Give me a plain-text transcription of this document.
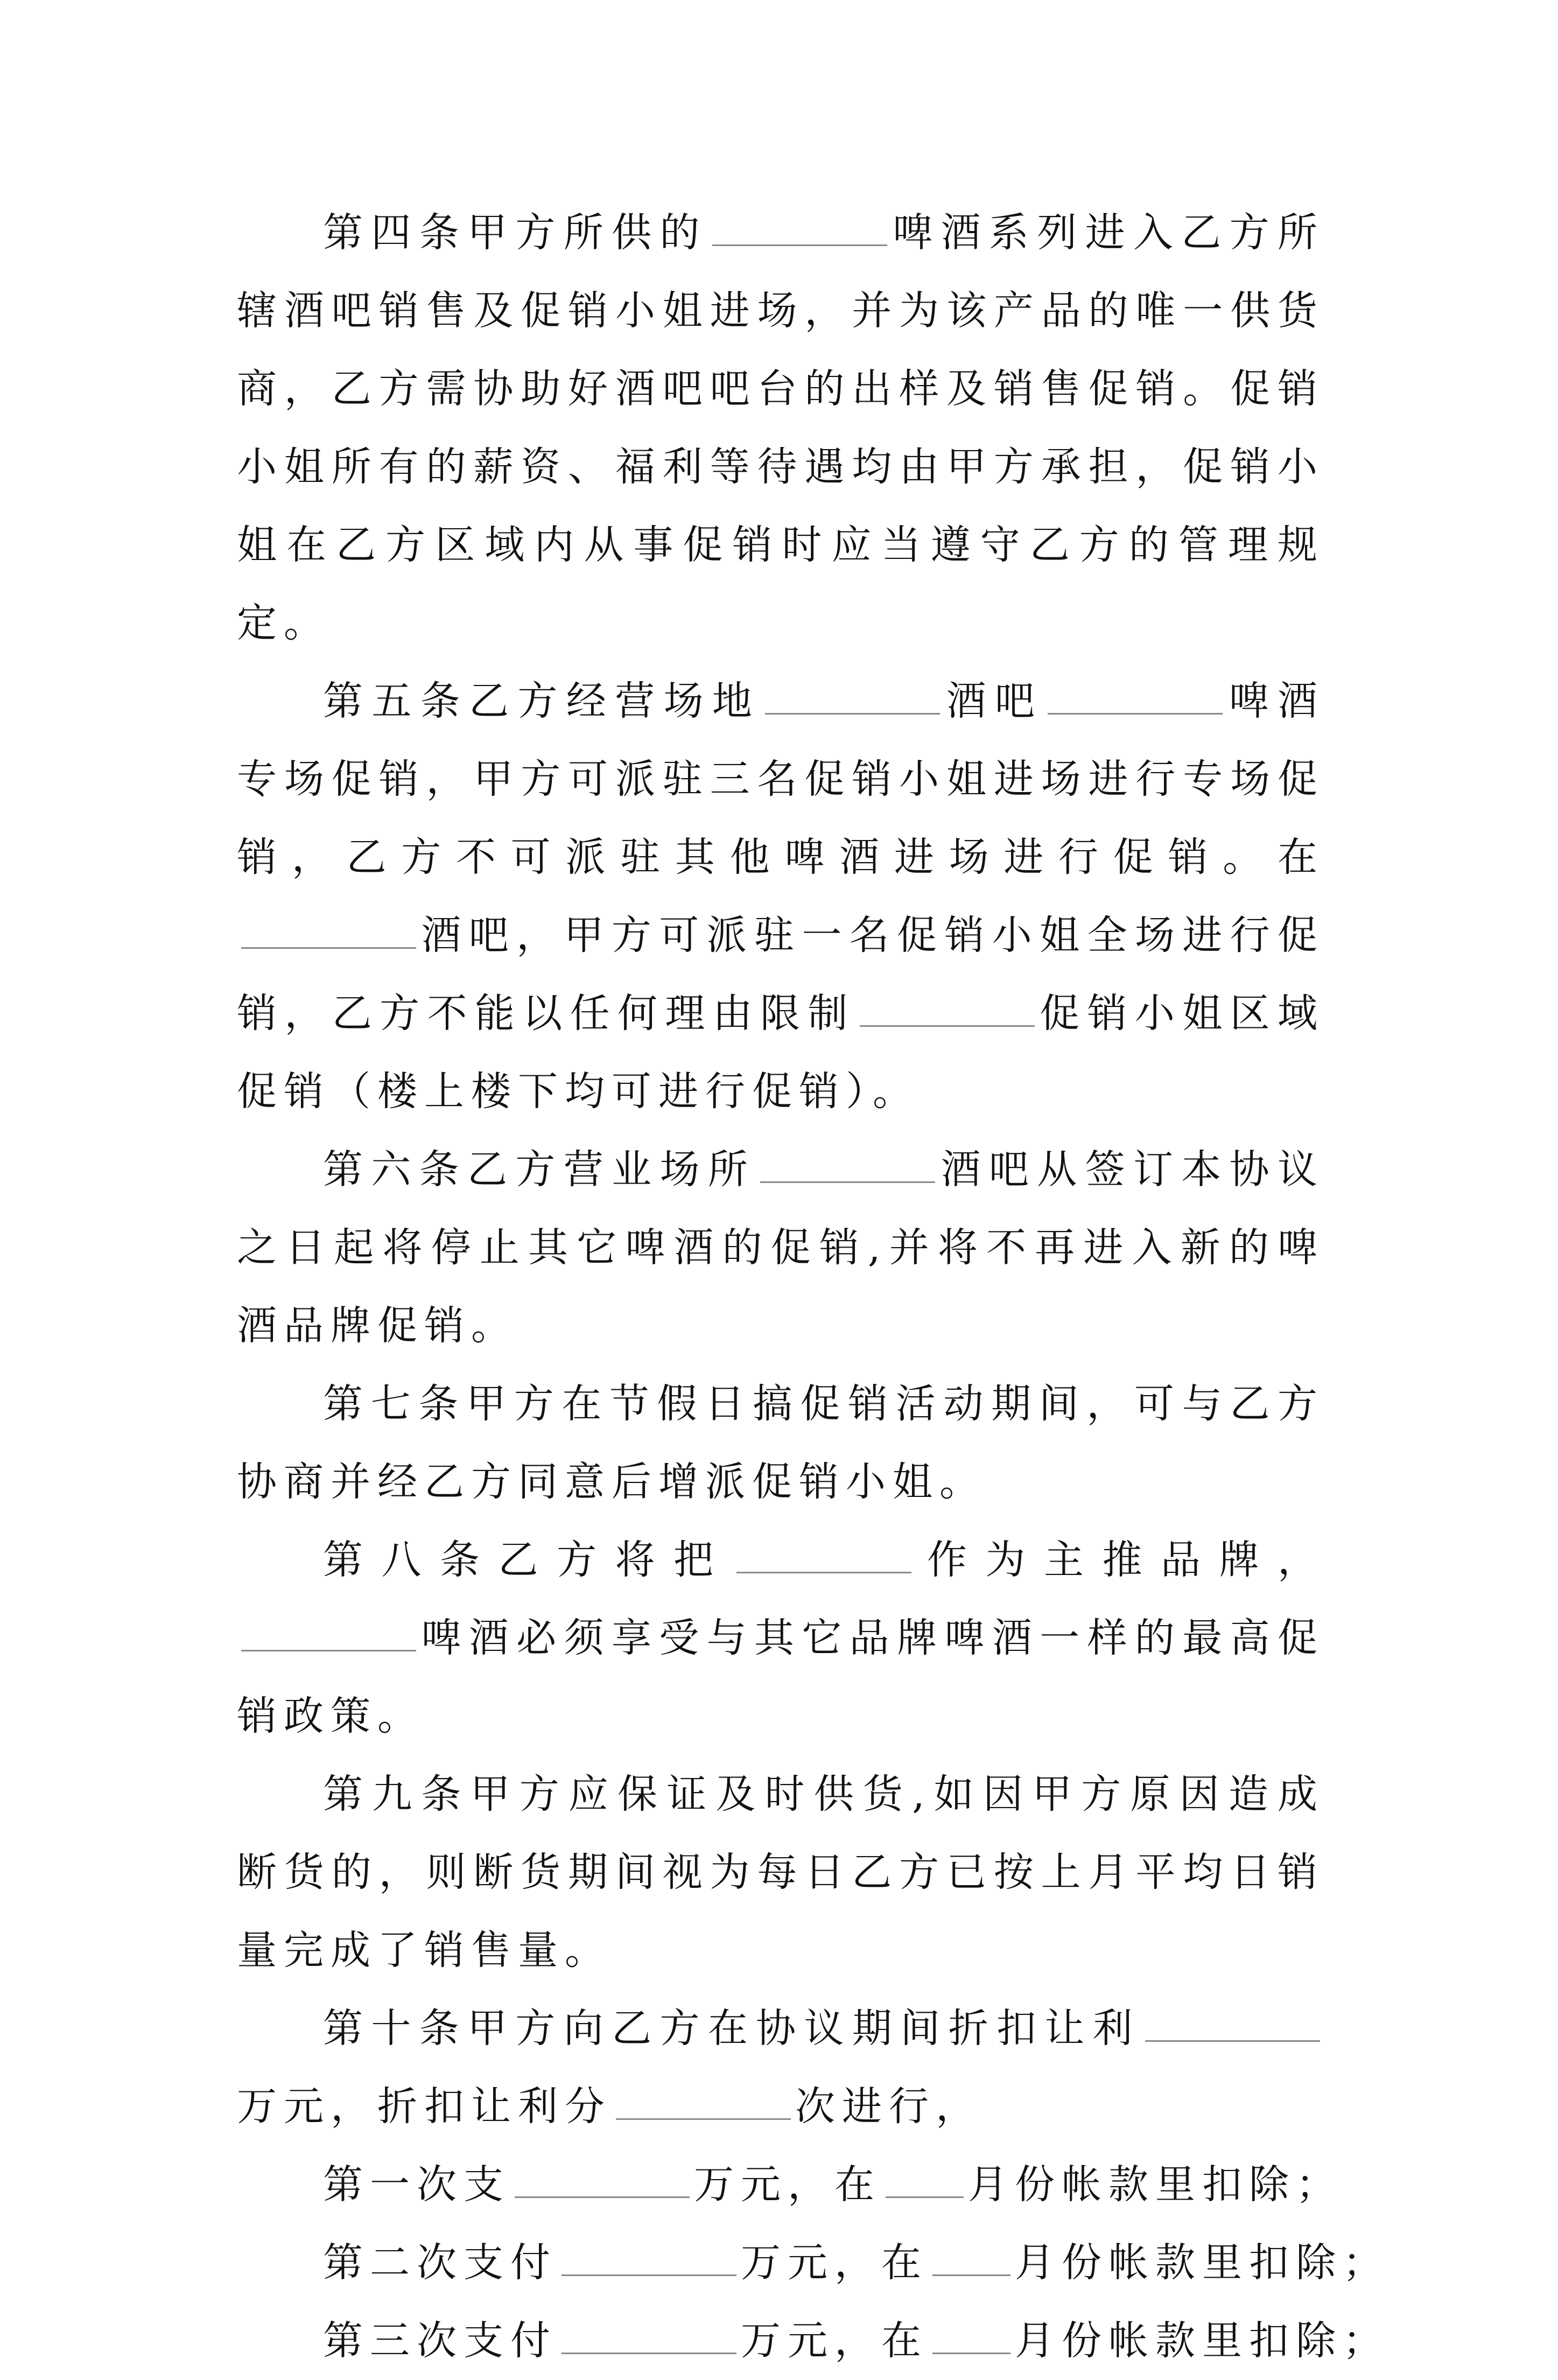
第四条甲方所供的	啤酒系列进入乙方所辖酒吧销售及促销小姐进场，并为该产品的唯一供货商，乙方需协助好酒吧吧台的出样及销售促销。促销小姐所有的薪资、福利等待遇均由甲方承担，促销小姐在乙方区域内从事促销时应当遵守乙方的管理规定。

第五条乙方经营场地	酒吧	啤酒专场促销，甲方可派驻三名促销小姐进场进行专场促销，乙方不可派驻其他啤酒进场进行促销。在酒吧，甲方可派驻一名促销小姐全场进行促销，乙方不能以任何理由限制	促销小姐区域促销（楼上楼下均可进行促销）。

第六条乙方营业场所	酒吧从签订本协议之日起将停止其它啤酒的促销,并将不再进入新的啤酒品牌促销。

第七条甲方在节假日搞促销活动期间，可与乙方协商并经乙方同意后增派促销小姐。

第八条乙方将把	作为主推品牌，啤酒必须享受与其它品牌啤酒一样的最高促销政策。

第九条甲方应保证及时供货,如因甲方原因造成断货的，则断货期间视为每日乙方已按上月平均日销量完成了销售量。

第十条甲方向乙方在协议期间折扣让利万元，折扣让利分	次进行，

第一次支	万元，在 月份帐款里扣除；

第二次支付	万元，在 月份帐款里扣除；

第三次支付	万元，在 月份帐款里扣除；
